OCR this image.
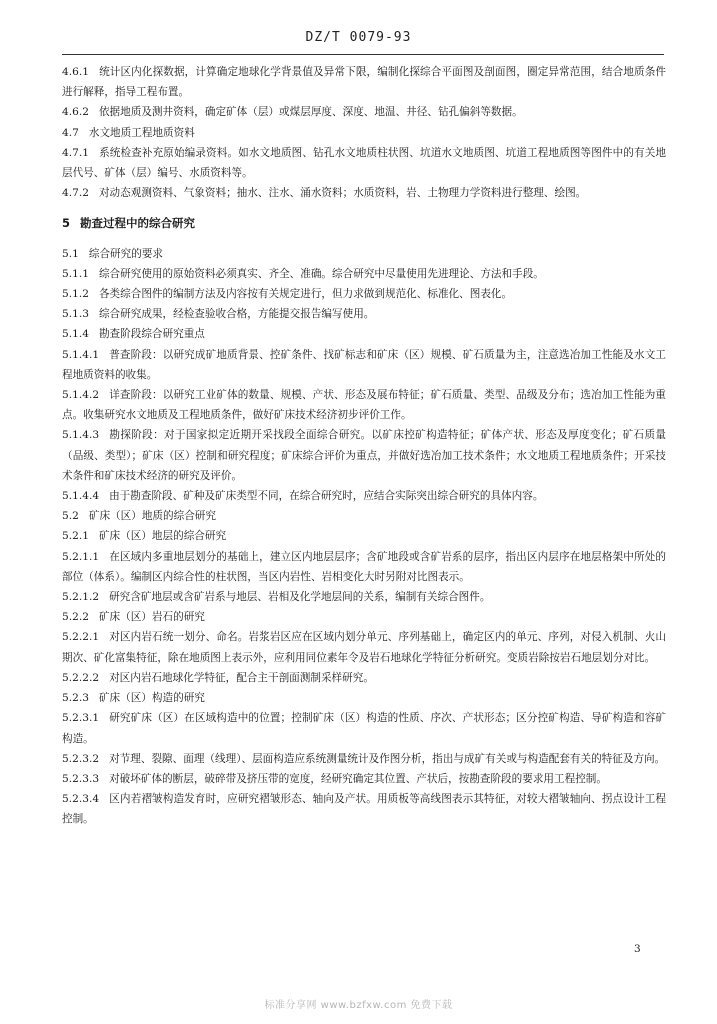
DZ/T 0079-93

4.6.1 统计区内化探数据，计算确定地球化学背景值及异常下限，编制化探综合平面图及剖面图，圈定异常范围，结合地质条件进行解释，指导工程布置。

4.6.2 依据地质及测井资料，确定矿体（层）或煤层厚度、深度、地温、井径、钻孔偏斜等数据。

4.7 水文地质工程地质资料

4.7.1 系统检查补充原始编录资料。如水文地质图、钻孔水文地质柱状图、坑道水文地质图、坑道工程地质图等图件中的有关地层代号、矿体（层）编号、水质资料等。

4.7.2 对动态观测资料、气象资料；抽水、注水、涌水资料；水质资料，岩、土物理力学资料进行整理、绘图。

5 勘查过程中的综合研究

5.1 综合研究的要求

5.1.1 综合研究使用的原始资料必须真实、齐全、准确。综合研究中尽量使用先进理论、方法和手段。

5.1.2 各类综合图件的编制方法及内容按有关规定进行，但力求做到规范化、标准化、图表化。

5.1.3 综合研究成果，经检查验收合格，方能提交报告编写使用。

5.1.4 勘查阶段综合研究重点

5.1.4.1 普查阶段：以研究成矿地质背景、控矿条件、找矿标志和矿床（区）规模、矿石质量为主，注意选冶加工性能及水文工程地质资料的收集。

5.1.4.2 详查阶段：以研究工业矿体的数量、规模、产状、形态及展布特征；矿石质量、类型、品级及分布；选冶加工性能为重点。收集研究水文地质及工程地质条件，做好矿床技术经济初步评价工作。

5.1.4.3 勘探阶段：对于国家拟定近期开采找段全面综合研究。以矿床控矿构造特征；矿体产状、形态及厚度变化；矿石质量（品级、类型）；矿床（区）控制和研究程度；矿床综合评价为重点，并做好选冶加工技术条件；水文地质工程地质条件；开采技术条件和矿床技术经济的研究及评价。

5.1.4.4 由于勘查阶段、矿种及矿床类型不同，在综合研究时，应结合实际突出综合研究的具体内容。

5.2 矿床（区）地质的综合研究

5.2.1 矿床（区）地层的综合研究

5.2.1.1 在区域内多重地层划分的基础上，建立区内地层层序；含矿地段或含矿岩系的层序，指出区内层序在地层格架中所处的部位（体系）。编制区内综合性的柱状图，当区内岩性、岩相变化大时另附对比图表示。

5.2.1.2 研究含矿地层或含矿岩系与地层、岩相及化学地层间的关系，编制有关综合图件。

5.2.2 矿床（区）岩石的研究

5.2.2.1 对区内岩石统一划分、命名。岩浆岩区应在区域内划分单元、序列基础上，确定区内的单元、序列，对侵入机制、火山期次、矿化富集特征，除在地质图上表示外，应利用同位素年令及岩石地球化学特征分析研究。变质岩除按岩石地层划分对比。

5.2.2.2 对区内岩石地球化学特征，配合主干剖面测制采样研究。

5.2.3 矿床（区）构造的研究

5.2.3.1 研究矿床（区）在区域构造中的位置；控制矿床（区）构造的性质、序次、产状形态；区分控矿构造、导矿构造和容矿构造。

5.2.3.2 对节理、裂隙、面理（线理）、层面构造应系统测量统计及作图分析，指出与成矿有关或与构造配套有关的特征及方向。

5.2.3.3 对破坏矿体的断层，破碎带及挤压带的宽度，经研究确定其位置、产状后，按勘查阶段的要求用工程控制。

5.2.3.4 区内若褶皱构造发育时，应研究褶皱形态、轴向及产状。用质板等高线图表示其特征，对较大褶皱轴向、拐点设计工程控制。

3
标准分享网 www.bzfxw.com 免费下载
